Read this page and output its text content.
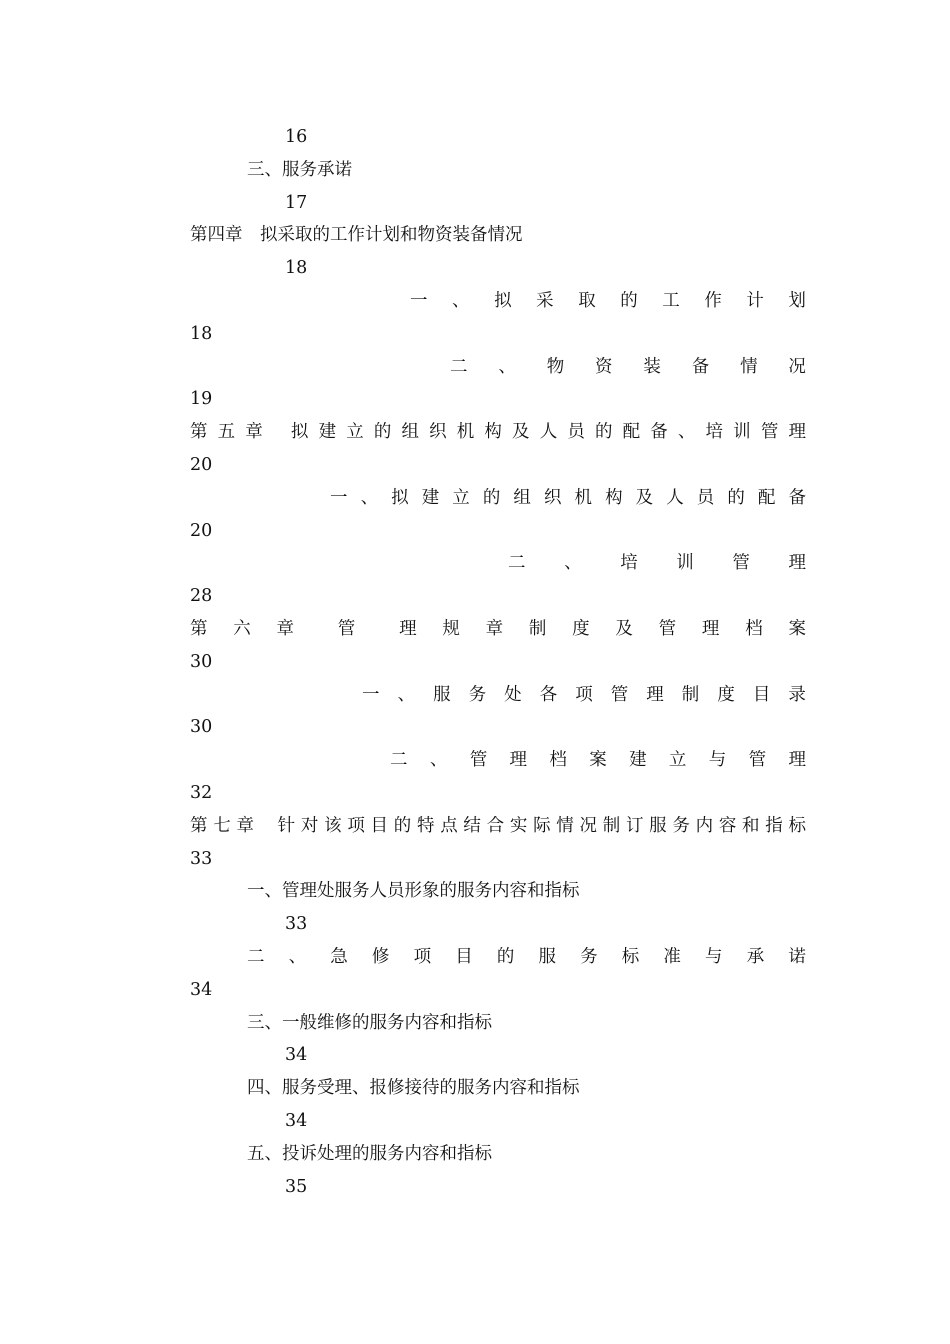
16
三、服务承诺
17
第四章　拟采取的工作计划和物资装备情况
18
一 、 拟 采 取 的 工 作 计 划
18
二 、 物 资 装 备 情 况
19
第 五 章 拟 建 立 的 组 织 机 构 及 人 员 的 配 备 、 培 训 管 理
20
一 、 拟 建 立 的 组 织 机 构 及 人 员 的 配 备
20
二 、 培 训 管 理
28
第 六 章	管	理 规 章 制 度 及 管 理 档 案
30
一 、 服 务 处 各 项 管 理 制 度 目 录
30
二 、 管 理 档 案 建 立 与 管 理
32
第 七 章 针 对 该 项 目 的 特 点 结 合 实 际 情 况 制 订 服 务 内 容 和 指 标
33
一、管理处服务人员形象的服务内容和指标
33
二 、 急 修 项 目 的 服 务 标 准 与 承 诺
34
三、一般维修的服务内容和指标
34
四、服务受理、报修接待的服务内容和指标
34
五、投诉处理的服务内容和指标
35
